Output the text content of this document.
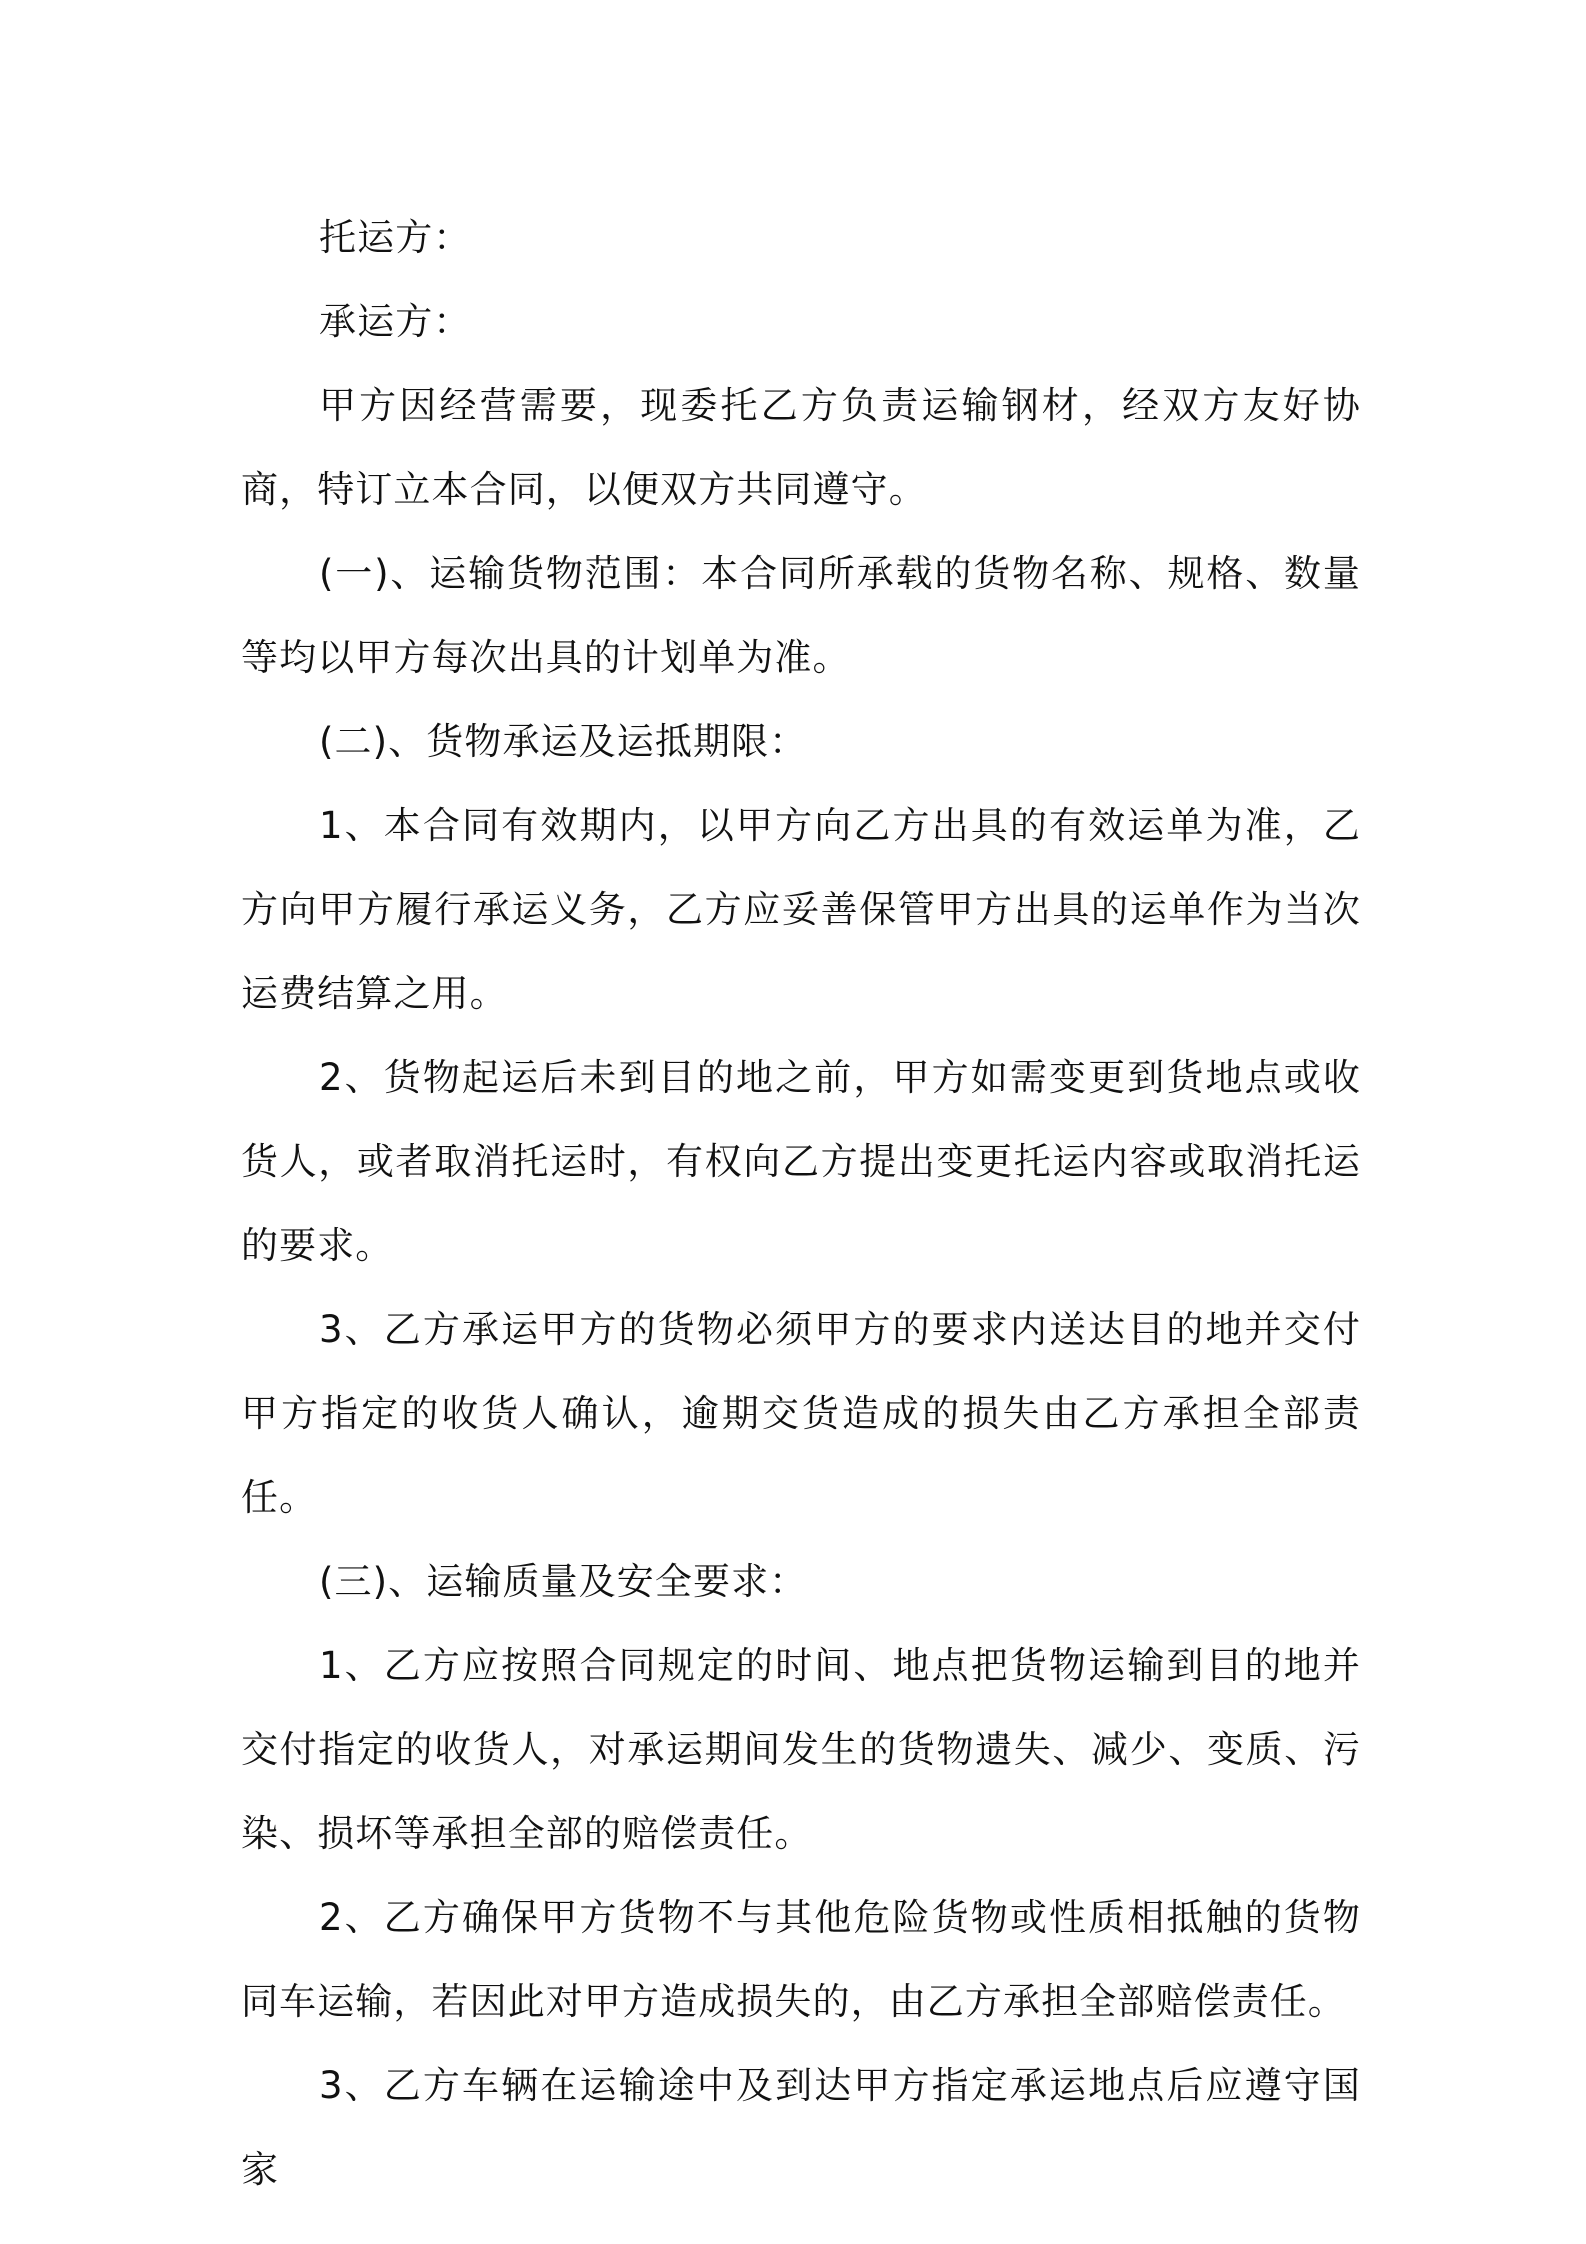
托运方：

承运方：

甲方因经营需要，现委托乙方负责运输钢材，经双方友好协商，特订立本合同，以便双方共同遵守。

(一)、运输货物范围：本合同所承载的货物名称、规格、数量等均以甲方每次出具的计划单为准。

(二)、货物承运及运抵期限：

1、本合同有效期内，以甲方向乙方出具的有效运单为准，乙方向甲方履行承运义务，乙方应妥善保管甲方出具的运单作为当次运费结算之用。

2、货物起运后未到目的地之前，甲方如需变更到货地点或收货人，或者取消托运时，有权向乙方提出变更托运内容或取消托运的要求。

3、乙方承运甲方的货物必须甲方的要求内送达目的地并交付甲方指定的收货人确认，逾期交货造成的损失由乙方承担全部责任。

(三)、运输质量及安全要求：

1、乙方应按照合同规定的时间、地点把货物运输到目的地并交付指定的收货人，对承运期间发生的货物遗失、减少、变质、污染、损坏等承担全部的赔偿责任。

2、乙方确保甲方货物不与其他危险货物或性质相抵触的货物同车运输，若因此对甲方造成损失的，由乙方承担全部赔偿责任。

3、乙方车辆在运输途中及到达甲方指定承运地点后应遵守国家
